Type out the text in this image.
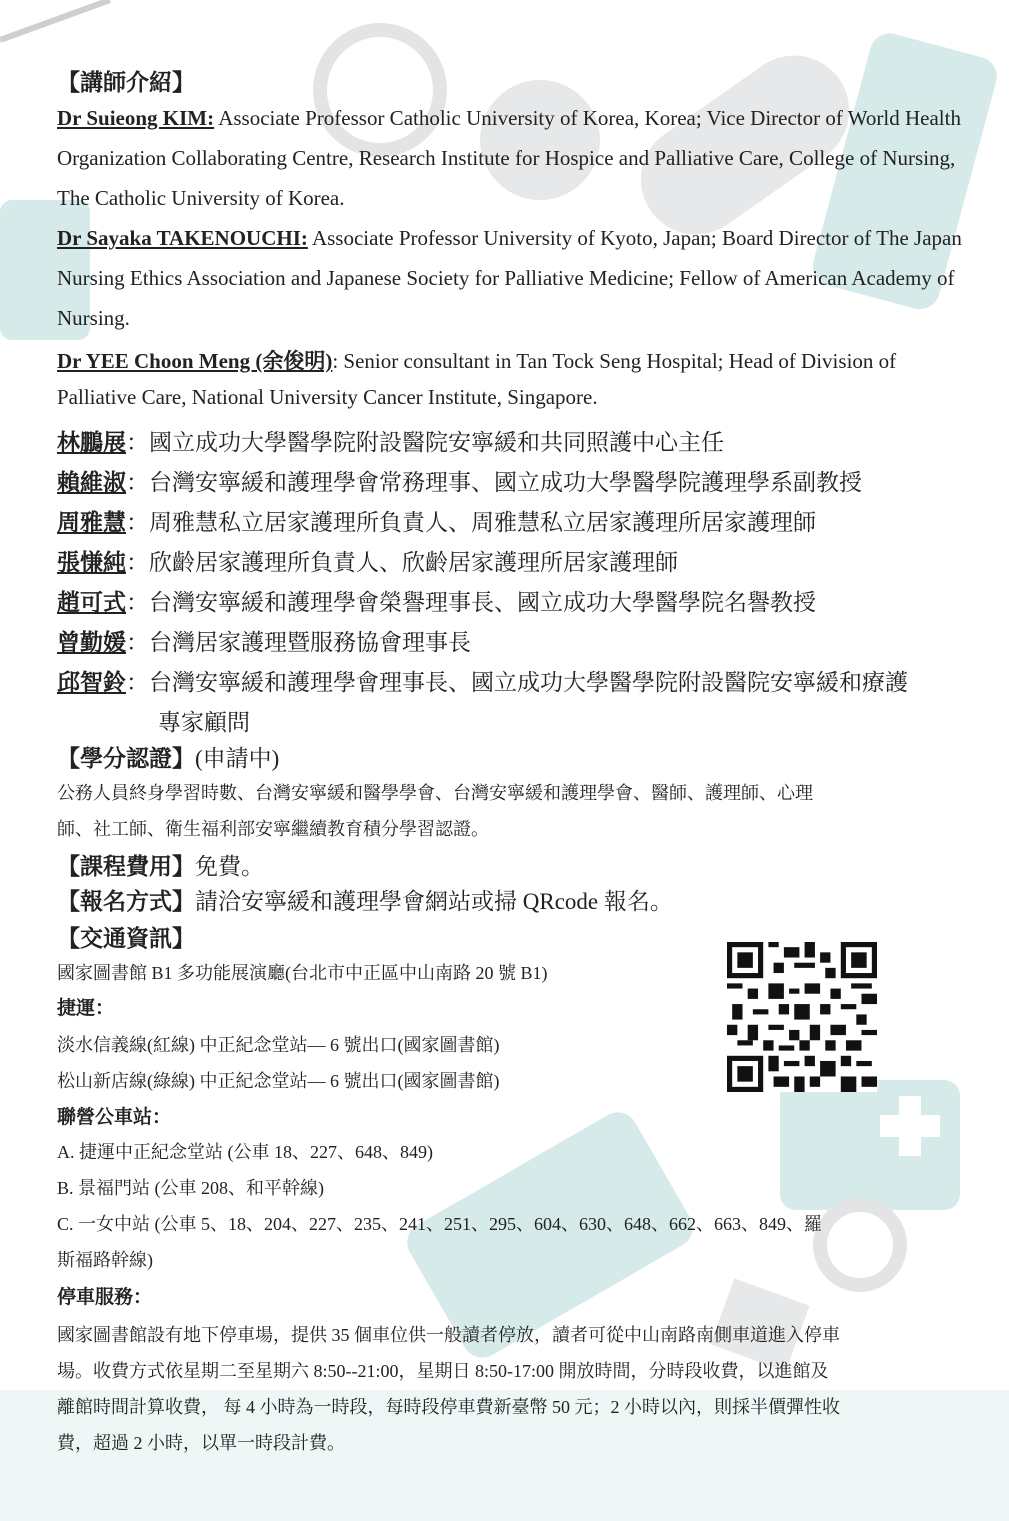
【講師介紹】
Dr Suieong KIM: Associate Professor Catholic University of Korea, Korea; Vice Director of World Health
Organization Collaborating Centre, Research Institute for Hospice and Palliative Care, College of Nursing,
The Catholic University of Korea.
Dr Sayaka TAKENOUCHI: Associate Professor University of Kyoto, Japan; Board Director of The Japan
Nursing Ethics Association and Japanese Society for Palliative Medicine; Fellow of American Academy of
Nursing.
Dr YEE Choon Meng (余俊明): Senior consultant in Tan Tock Seng Hospital; Head of Division of
Palliative Care, National University Cancer Institute, Singapore.
林鵬展：國立成功大學醫學院附設醫院安寧緩和共同照護中心主任
賴維淑：台灣安寧緩和護理學會常務理事、國立成功大學醫學院護理學系副教授
周雅慧：周雅慧私立居家護理所負責人、周雅慧私立居家護理所居家護理師
張慊純：欣齡居家護理所負責人、欣齡居家護理所居家護理師
趙可式：台灣安寧緩和護理學會榮譽理事長、國立成功大學醫學院名譽教授
曾勤媛：台灣居家護理暨服務協會理事長
邱智鈴：台灣安寧緩和護理學會理事長、國立成功大學醫學院附設醫院安寧緩和療護
專家顧問
【學分認證】(申請中)
公務人員終身學習時數、台灣安寧緩和醫學學會、台灣安寧緩和護理學會、醫師、護理師、心理
師、社工師、衛生福利部安寧繼續教育積分學習認證。
【課程費用】免費。
【報名方式】請洽安寧緩和護理學會網站或掃 QRcode 報名。
【交通資訊】
國家圖書館 B1 多功能展演廳(台北市中正區中山南路 20 號 B1)
捷運：
淡水信義線(紅線) 中正紀念堂站— 6 號出口(國家圖書館)
松山新店線(綠線) 中正紀念堂站— 6 號出口(國家圖書館)
聯營公車站：
A. 捷運中正紀念堂站 (公車 18、227、648、849)
B. 景福門站 (公車 208、和平幹線)
C. 一女中站 (公車 5、18、204、227、235、241、251、295、604、630、648、662、663、849、羅
斯福路幹線)
停車服務：
國家圖書館設有地下停車場，提供 35 個車位供一般讀者停放，讀者可從中山南路南側車道進入停車
場。收費方式依星期二至星期六 8:50--21:00，星期日 8:50-17:00 開放時間，分時段收費，以進館及
離館時間計算收費， 每 4 小時為一時段，每時段停車費新臺幣 50 元；2 小時以內，則採半價彈性收
費，超過 2 小時，以單一時段計費。
